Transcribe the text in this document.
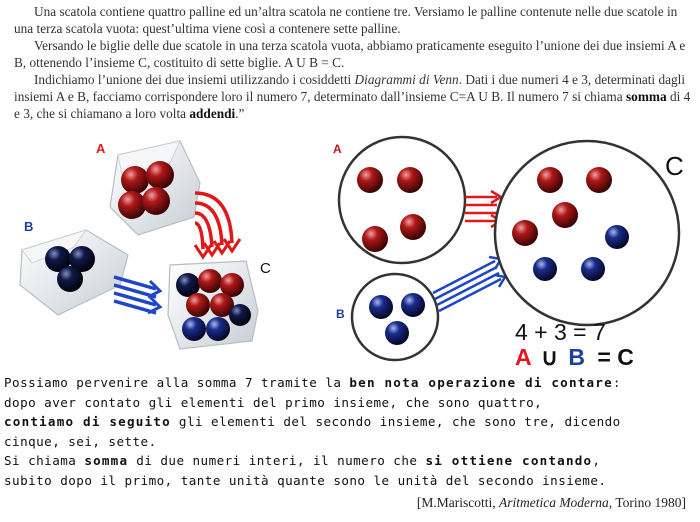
Una scatola contiene quattro palline ed un’altra scatola ne contiene tre. Versiamo le palline contenute nelle due scatole in una terza scatola vuota: quest’ultima viene così a contenere sette palline.

Versando le biglie delle due scatole in una terza scatola vuota, abbiamo praticamente eseguito l’unione dei due insiemi A e B, ottenendo l’insieme C, costituito di sette biglie. A U B = C.

Indichiamo l’unione dei due insiemi utilizzando i cosiddetti Diagrammi di Venn. Dati i due numeri 4 e 3, determinati dagli insiemi A e B, facciamo corrispondere loro il numero 7, determinato dall’insieme C=A U B. Il numero 7 si chiama somma di 4 e 3, che si chiamano a loro volta addendi.”

A
B
C
A
B
C
4 + 3 = 7
A ∪ B = C
Possiamo pervenire alla somma 7 tramite la ben nota operazione di contare:
dopo aver contato gli elementi del primo insieme, che sono quattro,
contiamo di seguito gli elementi del secondo insieme, che sono tre, dicendo
cinque, sei, sette.
Si chiama somma di due numeri interi, il numero che si ottiene contando,
subito dopo il primo, tante unità quante sono le unità del secondo insieme.
[M.Mariscotti, Aritmetica Moderna, Torino 1980]
